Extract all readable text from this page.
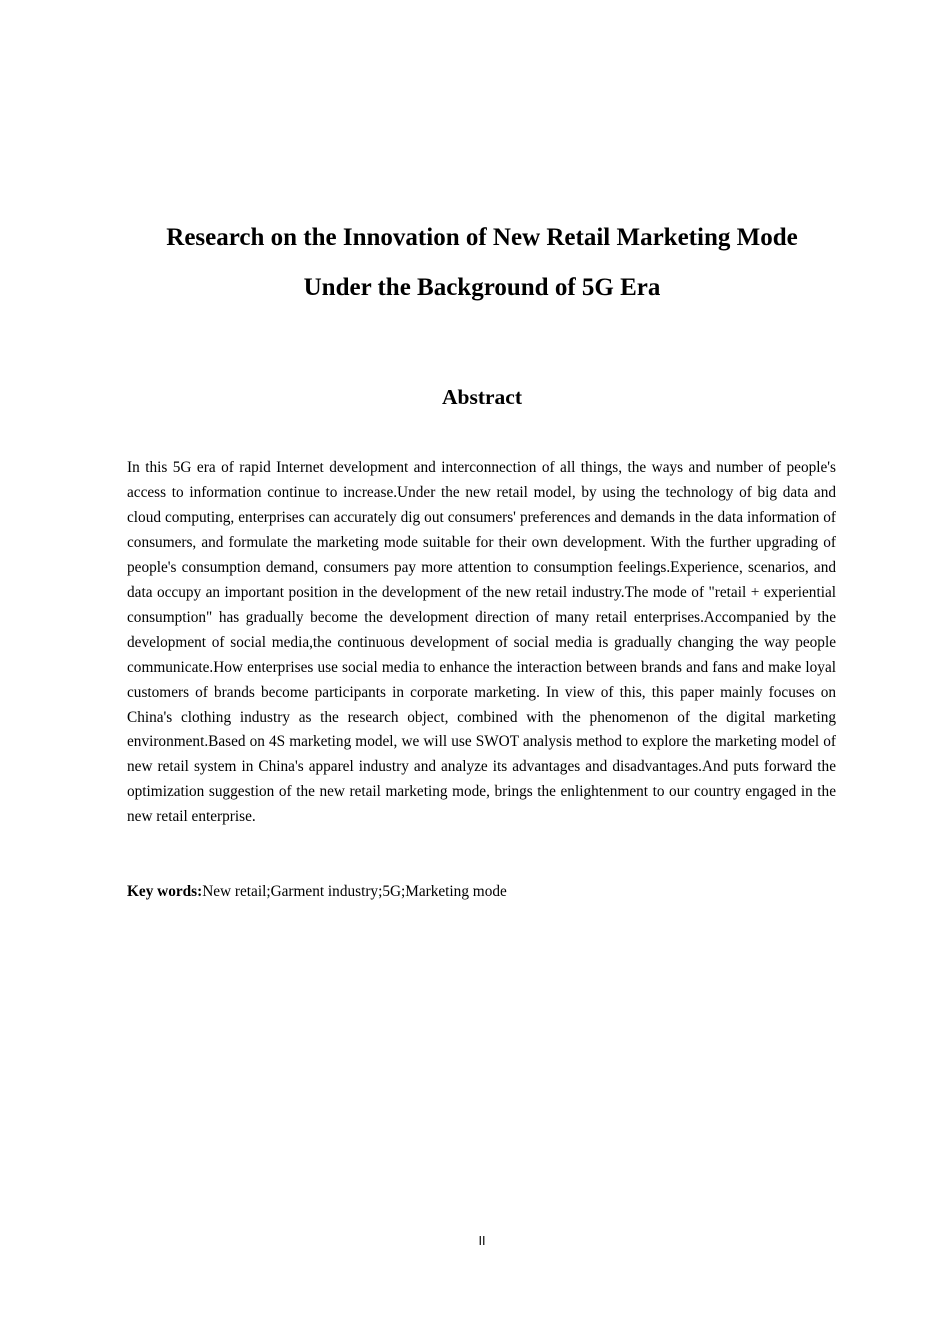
Research on the Innovation of New Retail Marketing Mode
Under the Background of 5G Era
Abstract

In this 5G era of rapid Internet development and interconnection of all things, the ways and number of people's access to information continue to increase.Under the new retail model, by using the technology of big data and cloud computing, enterprises can accurately dig out consumers' preferences and demands in the data information of consumers, and formulate the marketing mode suitable for their own development. With the further upgrading of people's consumption demand, consumers pay more attention to consumption feelings.Experience, scenarios, and data occupy an important position in the development of the new retail industry.The mode of "retail + experiential consumption" has gradually become the development direction of many retail enterprises.Accompanied by the development of social media,the continuous development of social media is gradually changing the way people communicate.How enterprises use social media to enhance the interaction between brands and fans and make loyal customers of brands become participants in corporate marketing. In view of this, this paper mainly focuses on China's clothing industry as the research object, combined with the phenomenon of the digital marketing environment.Based on 4S marketing model, we will use SWOT analysis method to explore the marketing model of new retail system in China's apparel industry and analyze its advantages and disadvantages.And puts forward the optimization suggestion of the new retail marketing mode, brings the enlightenment to our country engaged in the new retail enterprise.

Key words:New retail;Garment industry;5G;Marketing mode

II
